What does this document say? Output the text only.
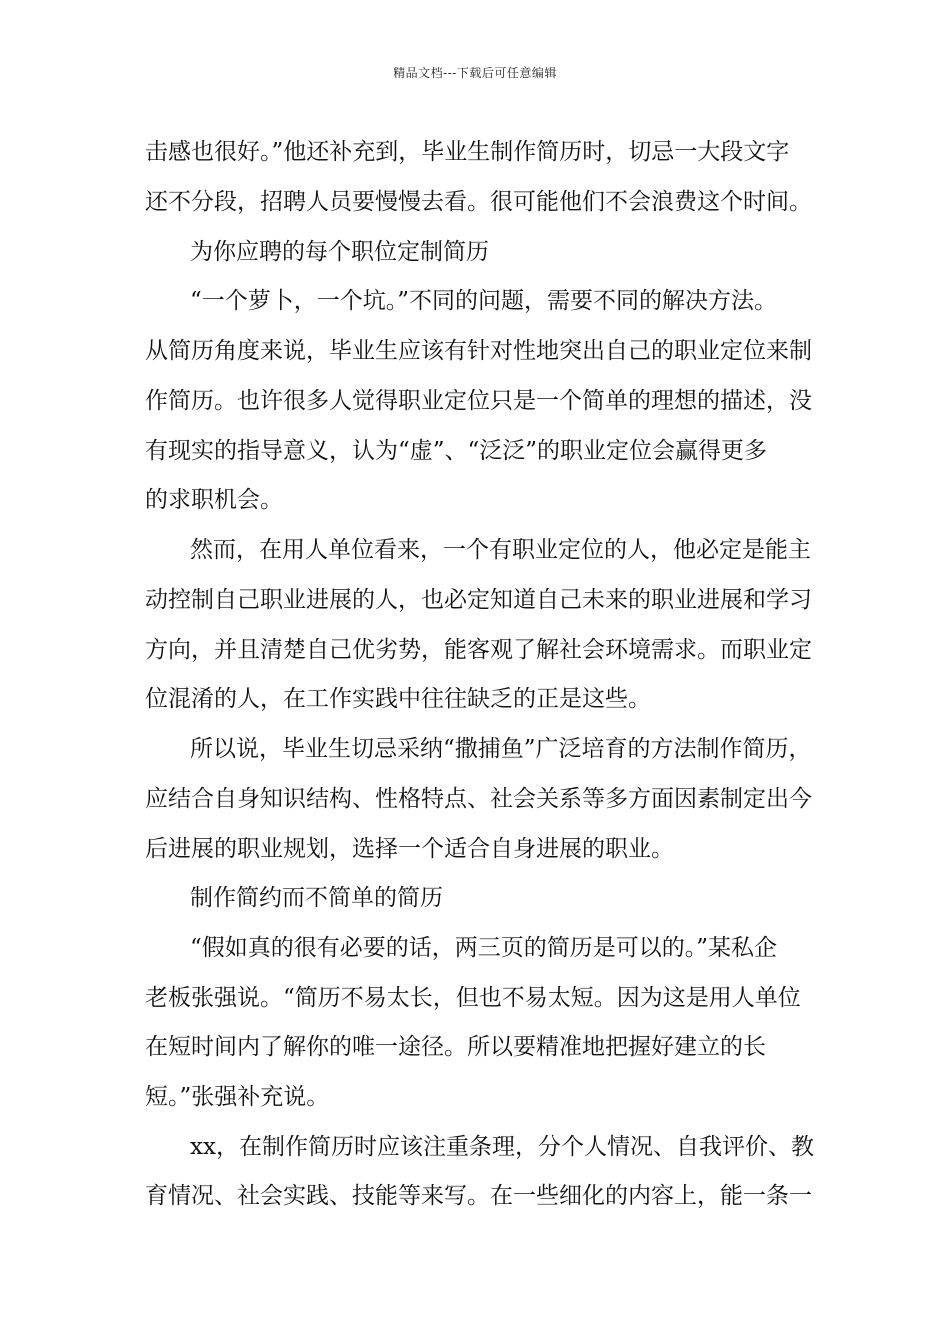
精品文档---下载后可任意编辑
击感也很好。”他还补充到，毕业生制作简历时，切忌一大段文字
还不分段，招聘人员要慢慢去看。很可能他们不会浪费这个时间。
为你应聘的每个职位定制简历
“一个萝卜，一个坑。”不同的问题，需要不同的解决方法。
从简历角度来说，毕业生应该有针对性地突出自己的职业定位来制
作简历。也许很多人觉得职业定位只是一个简单的理想的描述，没
有现实的指导意义，认为“虚”、“泛泛”的职业定位会赢得更多
的求职机会。
然而，在用人单位看来，一个有职业定位的人，他必定是能主
动控制自己职业进展的人，也必定知道自己未来的职业进展和学习
方向，并且清楚自己优劣势，能客观了解社会环境需求。而职业定
位混淆的人，在工作实践中往往缺乏的正是这些。
所以说，毕业生切忌采纳“撒捕鱼”广泛培育的方法制作简历，
应结合自身知识结构、性格特点、社会关系等多方面因素制定出今
后进展的职业规划，选择一个适合自身进展的职业。
制作简约而不简单的简历
“假如真的很有必要的话，两三页的简历是可以的。”某私企
老板张强说。“简历不易太长，但也不易太短。因为这是用人单位
在短时间内了解你的唯一途径。所以要精准地把握好建立的长
短。”张强补充说。
xx，在制作简历时应该注重条理，分个人情况、自我评价、教
育情况、社会实践、技能等来写。在一些细化的内容上，能一条一
